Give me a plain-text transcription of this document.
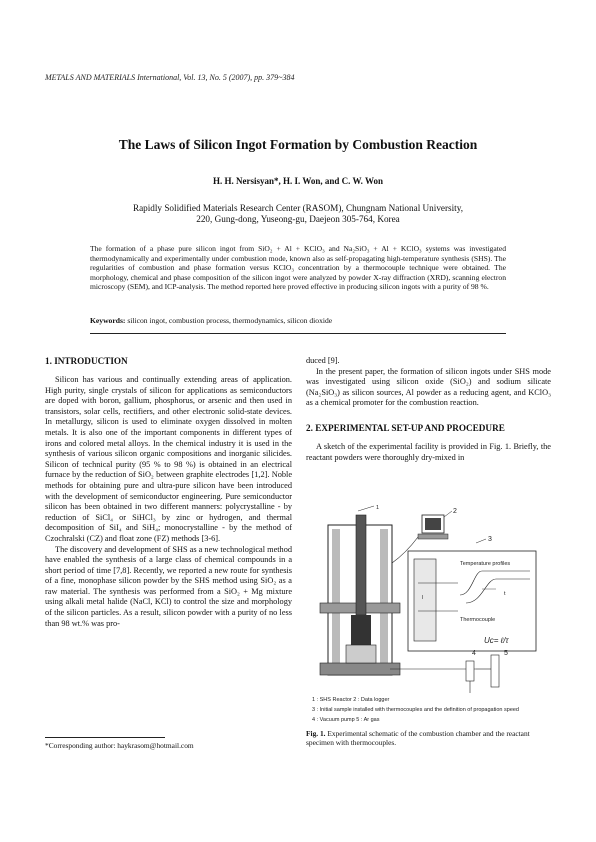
METALS AND MATERIALS International, Vol. 13, No. 5 (2007), pp. 379~384
The Laws of Silicon Ingot Formation by Combustion Reaction
H. H. Nersisyan*, H. I. Won, and C. W. Won
Rapidly Solidified Materials Research Center (RASOM), Chungnam National University,
220, Gung-dong, Yuseong-gu, Daejeon 305-764, Korea
The formation of a phase pure silicon ingot from SiO₂ + Al + KClO₃ and Na₂SiO₃ + Al + KClO₃ systems was investigated thermodynamically and experimentally under combustion mode, known also as self-propagating high-temperature synthesis (SHS). The regularities of combustion and phase formation versus KClO₃ concentration by a thermocouple technique were obtained. The morphology, chemical and phase composition of the silicon ingot were analyzed by powder X-ray diffraction (XRD), scanning electron microscopy (SEM), and ICP-analysis. The method reported here proved effective in producing silicon ingots with a purity of 98 %.
Keywords: silicon ingot, combustion process, thermodynamics, silicon dioxide
1. INTRODUCTION

Silicon has various and continually extending areas of application. High purity, single crystals of silicon for applications as semiconductors are doped with boron, gallium, phosphorus, or arsenic and then used in transistors, solar cells, rectifiers, and other electronic solid-state devices. In metallurgy, silicon is used to eliminate oxygen dissolved in molten metals. It is also one of the important components in different types of irons and colored metal alloys. In the chemical industry it is used in the synthesis of various silicon organic compositions and inorganic silicides. Silicon of technical purity (95 % to 98 %) is obtained in an electrical furnace by the reduction of SiO₂ between graphite electrodes [1,2]. Noble methods for obtaining pure and ultra-pure silicon have been introduced with the development of semiconductor engineering. Pure semiconductor silicon has been obtained in two different manners: polycrystalline - by reduction of SiCl₄ or SiHCl₃ by zinc or hydrogen, and thermal decomposition of SiI₄ and SiH₄; monocrystalline - by the method of Czochralski (CZ) and float zone (FZ) methods [3-6].

The discovery and development of SHS as a new technological method have enabled the synthesis of a large class of chemical compounds in a short period of time [7,8]. Recently, we reported a new route for synthesis of a fine, monophase silicon powder by the SHS method using SiO₂ as a raw material. The synthesis was performed from a SiO₂ + Mg mixture using alkali metal halide (NaCl, KCl) to control the size and morphology of the silicon particles. As a result, silicon powder with a purity of no less than 98 wt.% was pro-

*Corresponding author: haykrasom@hotmail.com

duced [9].

In the present paper, the formation of silicon ingots under SHS mode was investigated using silicon oxide (SiO₂) and sodium silicate (Na₂SiO₃) as silicon sources, Al powder as a reducing agent, and KClO₃ as a chemical promoter for the combustion reaction.

2. EXPERIMENTAL SET-UP AND PROCEDURE

A sketch of the experimental facility is provided in Fig. 1. Briefly, the reactant powders were thoroughly dry-mixed in

1	2
3
l
Temperature profiles
t
Thermocouple
Uc= ℓ/τ
4	5
1 : SHS Reactor 2 : Data logger
3 : Initial sample installed with thermocouples and the definition of propagation speed
4 : Vacuum pump 5 : Ar gas
Fig. 1. Experimental schematic of the combustion chamber and the reactant specimen with thermocouples.
